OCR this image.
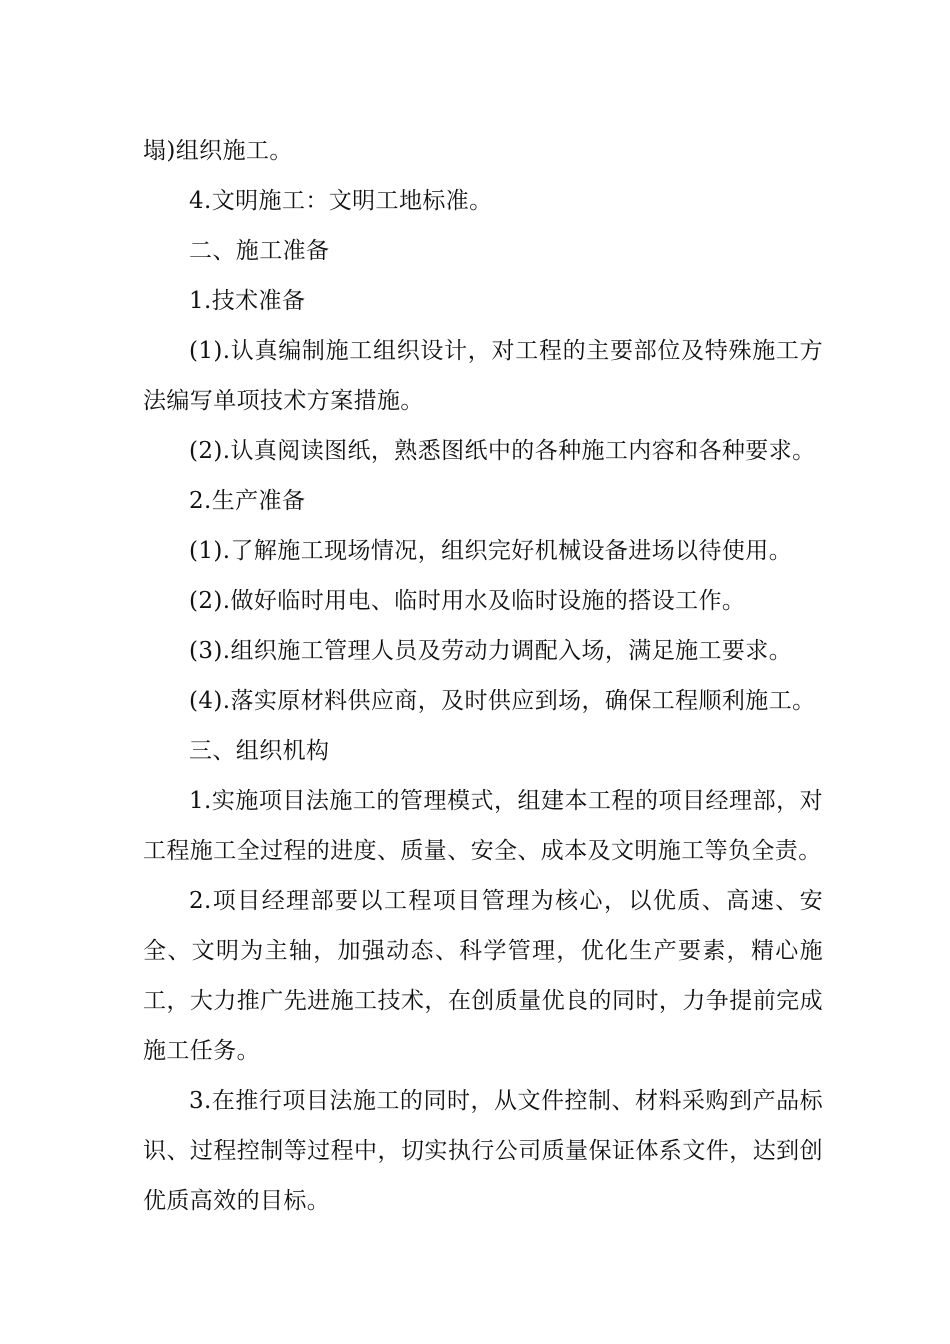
塌)组织施工。

4.文明施工：文明工地标准。

二、施工准备

1.技术准备

(1).认真编制施工组织设计，对工程的主要部位及特殊施工方法编写单项技术方案措施。

(2).认真阅读图纸，熟悉图纸中的各种施工内容和各种要求。

2.生产准备

(1).了解施工现场情况，组织完好机械设备进场以待使用。

(2).做好临时用电、临时用水及临时设施的搭设工作。

(3).组织施工管理人员及劳动力调配入场，满足施工要求。

(4).落实原材料供应商，及时供应到场，确保工程顺利施工。

三、组织机构

1.实施项目法施工的管理模式，组建本工程的项目经理部，对工程施工全过程的进度、质量、安全、成本及文明施工等负全责。

2.项目经理部要以工程项目管理为核心，以优质、高速、安全、文明为主轴，加强动态、科学管理，优化生产要素，精心施工，大力推广先进施工技术，在创质量优良的同时，力争提前完成施工任务。

3.在推行项目法施工的同时，从文件控制、材料采购到产品标识、过程控制等过程中，切实执行公司质量保证体系文件，达到创优质高效的目标。
